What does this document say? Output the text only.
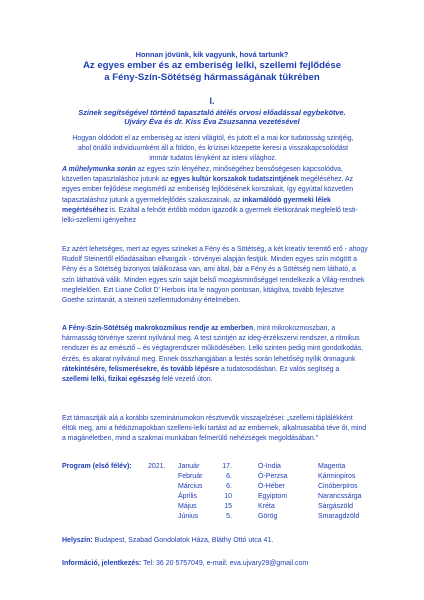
Honnan jövünk, kik vagyunk, hová tartunk?
Az egyes ember és az emberiség lelki, szellemi fejlődése
a Fény-Szín-Sötétség hármasságának tükrében
I.
Színek segítségével történő tapasztaló átélés orvosi előadással egybekötve.
Ujváry Éva és dr. Kiss Éva Zsuzsanna vezetésével
Hogyan oldódott el az emberiség az isteni világtól, és jutott el a mai kor tudatosság szintjéig, ahol önálló individuumként áll a földön, és krízisei közepette keresi a visszakapcsolódást immár tudatos lényként az isteni világhoz.
A műhelymunka során az egyes szín lényéhez, minőségéhez bensőségesen kapcsolódva, közvetlen tapasztaláshoz jutunk az egyes kultúr korszakok tudatszintjének megéléséhez. Az egyes ember fejlődése megismétli az emberiség fejlődésének korszakait, így egyúttal közvetlen tapasztaláshoz jutunk a gyermekfejlődés szakaszainak, az inkarnálódó gyermeki lélek megértéséhez is. Ezáltal a felnőtt értőbb módon igazodik a gyermek életkorának megfelelő testi-lelki-szellemi igényeihez
Ez azért lehetséges, mert az egyes színeket a Fény és a Sötétség, a két kreatív teremtő erő - ahogy Rudolf Steinertől előadásaiban elhangzik - törvényei alapján festjük. Minden egyes szín mögött a Fény és a Sötétség bizonyos találkozása van, ami által, bár a Fény és a Sötétség nem látható, a szín láthatóvá válik. Minden egyes szín saját belső mozgásminőséggel rendelkezik a Világ-rendnek megfelelően. Ezt Liane Collot D' Herbois írta le nagyon pontosan, kitágítva, tovább fejlesztve Goethe színtanát, a steineri szellemtudomány értelmében.
A Fény-Szín-Sötétség makrokozmikus rendje az emberben, mint mikrokozmoszban, a hármasság törvénye szerint nyilvánul meg. A test szintjén az ideg-érzékszervi rendszer, a ritmikus rendszer és az emésztő – és végtagrendszer működésében. Lelki szinten pedig mint gondolkodás, érzés, és akarat nyilvánul meg. Ennek összhangjában a festés során lehetőség nyílik önmagunk rátekintésére, felismerésekre, és tovább lépésre a tudatosodásban. Ez valós segítség a szellemi lelki, fizikai egészség felé vezető úton.
Ezt támasztják alá a korábbi szemináriumokon résztvevők visszajelzései: „szellemi táplálékként éltük meg, ami a hétköznapokban szellemi-lelki tartást ad az embernek, alkalmasabbá téve őt, mind a magánéletben, mind a szakmai munkában felmerülő nehézségek megoldásában."
Program (első félév): 2021. Január	17.	Ó-India	Magenta
Február	6.	Ó-Perzsa	Kárminpiros
Március	6.	Ó-Héber	Cinóberpiros
Április	10	Egyiptom	Narancssárga
Május	15	Kréta	Sárgászöld
Június	5.	Görög	Smaragdzöld
Helyszín: Budapest, Szabad Gondolatok Háza, Bláthy Ottó utca 41.
Információ, jelentkezés: Tel: 36 20 5757049, e-mail: eva.ujvary29@gmail.com
